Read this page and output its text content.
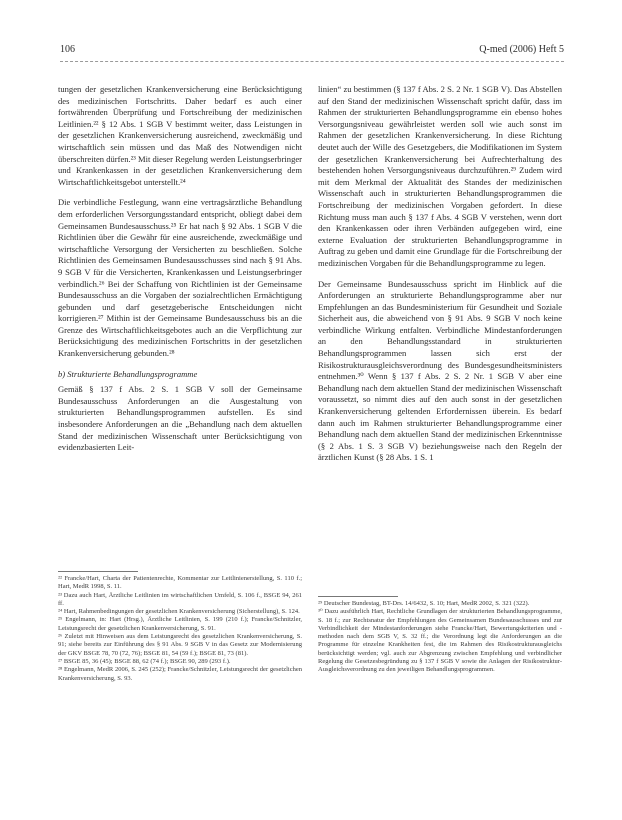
106	Q-med (2006) Heft 5

tungen der gesetzlichen Krankenversicherung eine Berücksichtigung des medizinischen Fortschritts. Daher bedarf es auch einer fortwährenden Überprüfung und Fortschreibung der medizinischen Leitlinien.²² § 12 Abs. 1 SGB V bestimmt weiter, dass Leistungen in der gesetzlichen Krankenversicherung ausreichend, zweckmäßig und wirtschaftlich sein müssen und das Maß des Notwendigen nicht überschreiten dürfen.²³ Mit dieser Regelung werden Leistungserbringer und Krankenkassen in der gesetzlichen Krankenversicherung dem Wirtschaftlichkeitsgebot unterstellt.²⁴

Die verbindliche Festlegung, wann eine vertragsärztliche Behandlung dem erforderlichen Versorgungsstandard entspricht, obliegt dabei dem Gemeinsamen Bundesausschuss.²⁵ Er hat nach § 92 Abs. 1 SGB V die Richtlinien über die Gewähr für eine ausreichende, zweckmäßige und wirtschaftliche Versorgung der Versicherten zu beschließen. Solche Richtlinien des Gemeinsamen Bundesausschusses sind nach § 91 Abs. 9 SGB V für die Versicherten, Krankenkassen und Leistungserbringer verbindlich.²⁶ Bei der Schaffung von Richtlinien ist der Gemeinsame Bundesausschuss an die Vorgaben der sozialrechtlichen Ermächtigung gebunden und darf gesetzgeberische Entscheidungen nicht korrigieren.²⁷ Mithin ist der Gemeinsame Bundesausschuss bis an die Grenze des Wirtschaftlichkeitsgebotes auch an die Verpflichtung zur Berücksichtigung des medizinischen Fortschritts in der gesetzlichen Krankenversicherung gebunden.²⁸

b) Strukturierte Behandlungsprogramme

Gemäß § 137 f Abs. 2 S. 1 SGB V soll der Gemeinsame Bundesausschuss Anforderungen an die Ausgestaltung von strukturierten Behandlungsprogrammen aufstellen. Es sind insbesondere Anforderungen an die „Behandlung nach dem aktuellen Stand der medizinischen Wissenschaft unter Berücksichtigung von evidenzbasierten Leit-

linien“ zu bestimmen (§ 137 f Abs. 2 S. 2 Nr. 1 SGB V). Das Abstellen auf den Stand der medizinischen Wissenschaft spricht dafür, dass im Rahmen der strukturierten Behandlungsprogramme ein ebenso hohes Versorgungsniveau gewährleistet werden soll wie auch sonst im Rahmen der gesetzlichen Krankenversicherung. In diese Richtung deutet auch der Wille des Gesetzgebers, die Modifikationen im System der gesetzlichen Krankenversicherung bei Aufrechterhaltung des bestehenden hohen Versorgungsniveaus durchzuführen.²⁹ Zudem wird mit dem Merkmal der Aktualität des Standes der medizinischen Wissenschaft auch in strukturierten Behandlungsprogrammen die Fortschreibung der medizinischen Vorgaben gefordert. In diese Richtung muss man auch § 137 f Abs. 4 SGB V verstehen, wenn dort den Krankenkassen oder ihren Verbänden aufgegeben wird, eine externe Evaluation der strukturierten Behandlungsprogramme in Auftrag zu geben und damit eine Grundlage für die Fortschreibung der medizinischen Vorgaben für die Behandlungsprogramme zu legen.

Der Gemeinsame Bundesausschuss spricht im Hinblick auf die Anforderungen an strukturierte Behandlungsprogramme aber nur Empfehlungen an das Bundesministerium für Gesundheit und Soziale Sicherheit aus, die abweichend von § 91 Abs. 9 SGB V noch keine verbindliche Wirkung entfalten. Verbindliche Mindestanforderungen an den Behandlungsstandard in strukturierten Behandlungsprogrammen lassen sich erst der Risikostrukturausgleichsverordnung des Bundesgesundheitsministers entnehmen.³⁰ Wenn § 137 f Abs. 2 S. 2 Nr. 1 SGB V aber eine Behandlung nach dem aktuellen Stand der medizinischen Wissenschaft voraussetzt, so nimmt dies auf den auch sonst in der gesetzlichen Krankenversicherung geltenden Erfordernissen überein. Es bedarf dann auch im Rahmen strukturierter Behandlungsprogramme einer Behandlung nach dem aktuellen Stand der medizinischen Erkenntnisse (§ 2 Abs. 1 S. 3 SGB V) beziehungsweise nach den Regeln der ärztlichen Kunst (§ 28 Abs. 1 S. 1

²² Francke/Hart, Charta der Patientenrechte, Kommentar zur Leitlinienerstellung, S. 110 f.; Hart, MedR 1998, S. 11.
²³ Dazu auch Hart, Ärztliche Leitlinien im wirtschaftlichen Umfeld, S. 106 f., BSGE 94, 261 ff.
²⁴ Hart, Rahmenbedingungen der gesetzlichen Krankenversicherung (Sicherstellung), S. 124.
²⁵ Engelmann, in: Hart (Hrsg.), Ärztliche Leitlinien, S. 199 (210 f.); Francke/Schnitzler, Leistungsrecht der gesetzlichen Krankenversicherung, S. 91.
²⁶ Zuletzt mit Hinweisen aus dem Leistungsrecht des gesetzlichen Krankenversicherung, S. 91; siehe bereits zur Einführung des § 91 Abs. 9 SGB V in das Gesetz zur Modernisierung der GKV BSGE 78, 70 (72, 76); BSGE 81, 54 (59 f.); BSGE 81, 73 (81).
²⁷ BSGE 85, 36 (45); BSGE 88, 62 (74 f.); BSGE 90, 289 (293 f.).
²⁸ Engelmann, MedR 2006, S. 245 (252); Francke/Schnitzler, Leistungsrecht der gesetzlichen Krankenversicherung, S. 93.
²⁹ Deutscher Bundestag, BT-Drs. 14/6432, S. 10; Hart, MedR 2002, S. 321 (322).
³⁰ Dazu ausführlich Hart, Rechtliche Grundlagen der strukturierten Behandlungsprogramme, S. 18 f.; zur Rechtsnatur der Empfehlungen des Gemeinsamen Bundesausschusses und zur Verbindlichkeit der Mindestanforderungen siehe Francke/Hart, Bewertungskriterien und -methoden nach dem SGB V, S. 32 ff.; die Verordnung legt die Anforderungen an die Programme für einzelne Krankheiten fest, die im Rahmen des Risikostrukturausgleichs berücksichtigt werden; vgl. auch zur Abgrenzung zwischen Empfehlung und verbindlicher Regelung die Gesetzesbegründung zu § 137 f SGB V sowie die Anlagen der Risikostruktur-Ausgleichsverordnung zu den jeweiligen Behandlungsprogrammen.
